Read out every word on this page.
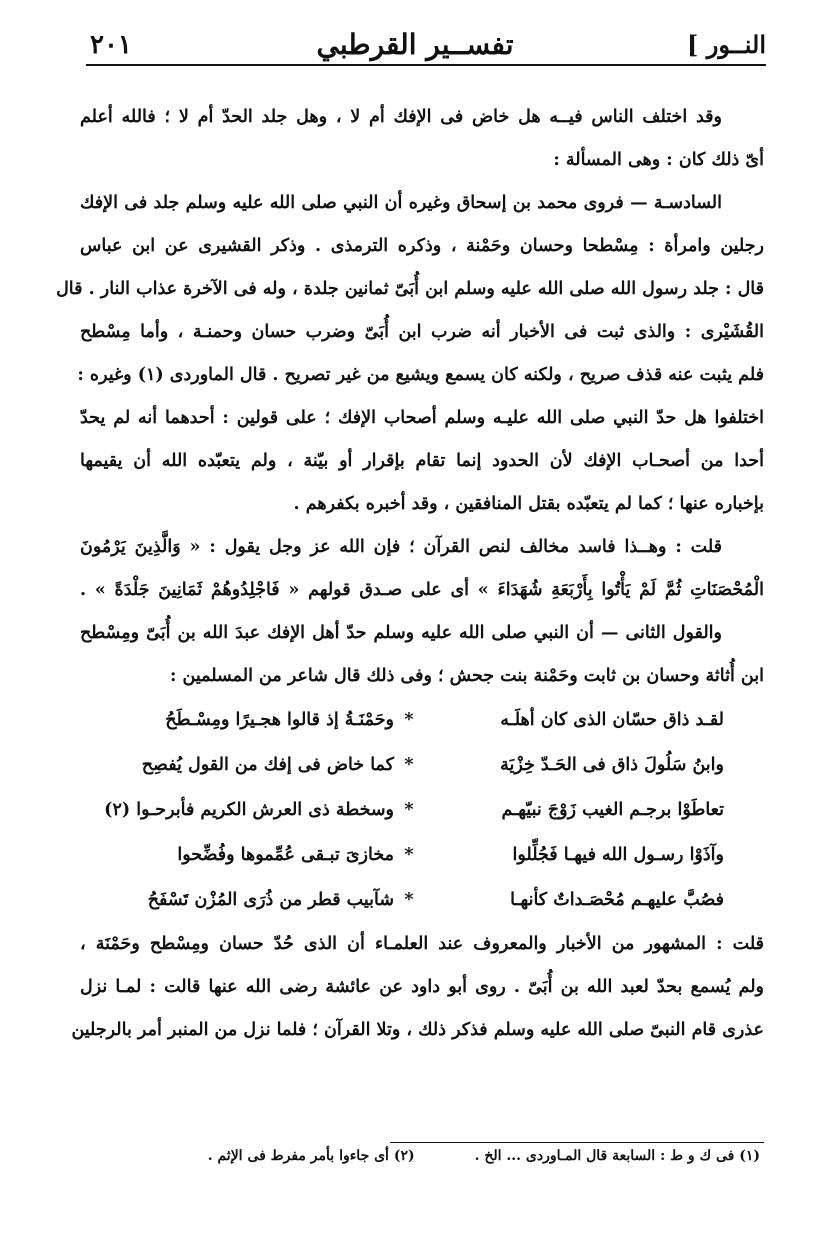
النــور ]
تفســير القرطبي
٢٠١
وقد اختلف الناس فيــه هل خاض فى الإفك أم لا ، وهل جلد الحدّ أم لا ؛ فالله أعلم
أىّ ذلك كان : وهى المسألة :
السادسـة — فروى محمد بن إسحاق وغيره أن النبي صلى الله عليه وسلم جلد فى الإفك
رجلين وامرأة : مِسْطحا وحسان وحَمْنة ، وذكره الترمذى . وذكر القشيرى عن ابن عباس
قال : جلد رسول الله صلى الله عليه وسلم ابن أُبَىّ ثمانين جلدة ، وله فى الآخرة عذاب النار . قال
القُشَيْرى : والذى ثبت فى الأخبار أنه ضرب ابن أُبَىّ وضرب حسان وحمنـة ، وأما مِسْطح
فلم يثبت عنه قذف صريح ، ولكنه كان يسمع ويشيع من غير تصريح . قال الماوردى (١) وغيره :
اختلفوا هل حدّ النبي صلى الله عليـه وسلم أصحاب الإفك ؛ على قولين : أحدهما أنه لم يحدّ
أحدا من أصحـاب الإفك لأن الحدود إنما تقام بإقرار أو بيّنة ، ولم يتعبّده الله أن يقيمها
بإخباره عنها ؛ كما لم يتعبّده بقتل المنافقين ، وقد أخبره بكفرهم .
قلت : وهــذا فاسد مخالف لنص القرآن ؛ فإن الله عز وجل يقول : « وَالَّذِينَ يَرْمُونَ
الْمُحْصَنَاتِ ثُمَّ لَمْ يَأْتُوا بِأَرْبَعَةِ شُهَدَاءَ » أى على صـدق قولهم « فَاجْلِدُوهُمْ ثَمَانِينَ جَلْدَةً » .
والقول الثانى — أن النبي صلى الله عليه وسلم حدّ أهل الإفك عبدَ الله بن أُبَىّ ومِسْطح
ابن أُثاثة وحسان بن ثابت وحَمْنة بنت جحش ؛ وفى ذلك قال شاعر من المسلمين :
لقـد ذاق حسّان الذى كان أهلَـه
*
وحَمْنَـةُ إذ قالوا هجـيرًا ومِسْـطَحُ
وابنُ سَلُولَ ذاق فى الحَـدّ خِزْيَة
*
كما خاض فى إفك من القول يُفصِح
تعاطَوْا برجـم الغيب زَوْجَ نبيّهـم
*
وسخطة ذى العرش الكريم فأبرحـوا (٢)
وآذَوْا رسـول الله فيهـا فَجُلِّلوا
*
مخازىَ تبـقى عُمِّموها وفُضِّحوا
فصُبَّ عليهـم مُحْصَـداتٌ كأنهـا
*
شآبيب قطر من ذُرَى المُزْن تَسْفَحُ
قلت : المشهور من الأخبار والمعروف عند العلمـاء أن الذى حُدّ حسان ومِسْطح وحَمْنَة ،
ولم يُسمع بحدّ لعبد الله بن أُبَىّ . روى أبو داود عن عائشة رضى الله عنها قالت : لمـا نزل
عذرى قام النبىّ صلى الله عليه وسلم فذكر ذلك ، وتلا القرآن ؛ فلما نزل من المنبر أمر بالرجلين
(١) فى ك و ط : السابعة قال المـاوردى ... الخ .
(٢) أى جاءوا بأمر مفرط فى الإثم .
